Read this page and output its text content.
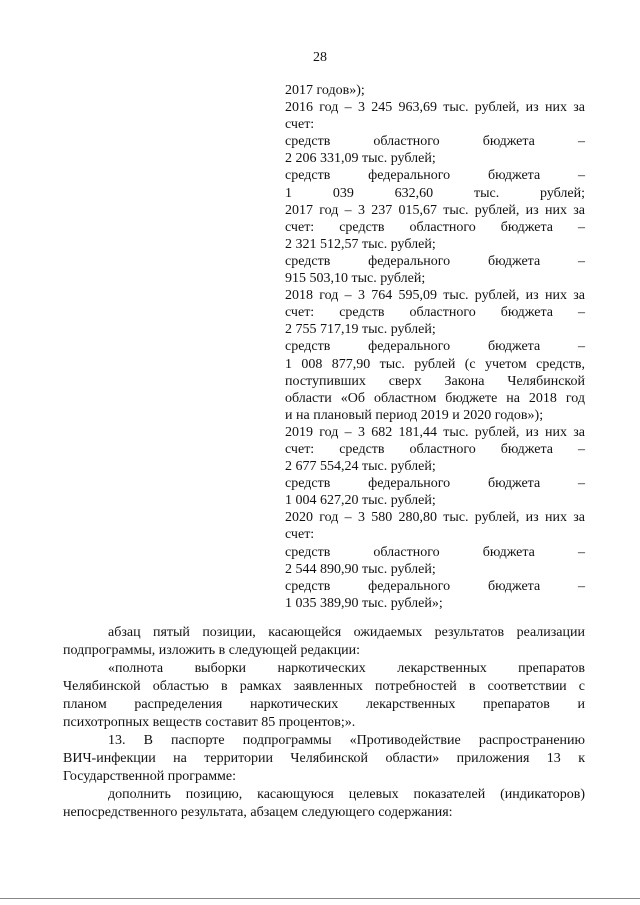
28
2017 годов»);
2016 год – 3 245 963,69 тыс. рублей, из них за
счет:
средств областного бюджета –
2 206 331,09 тыс. рублей;
средств федерального бюджета –
1 039 632,60 тыс. рублей;
2017 год – 3 237 015,67 тыс. рублей, из них за
счет: средств областного бюджета –
2 321 512,57 тыс. рублей;
средств федерального бюджета –
915 503,10 тыс. рублей;
2018 год – 3 764 595,09 тыс. рублей, из них за
счет: средств областного бюджета –
2 755 717,19 тыс. рублей;
средств федерального бюджета –
1 008 877,90 тыс. рублей (с учетом средств,
поступивших сверх Закона Челябинской
области «Об областном бюджете на 2018 год
и на плановый период 2019 и 2020 годов»);
2019 год – 3 682 181,44 тыс. рублей, из них за
счет: средств областного бюджета –
2 677 554,24 тыс. рублей;
средств федерального бюджета –
1 004 627,20 тыс. рублей;
2020 год – 3 580 280,80 тыс. рублей, из них за
счет:
средств областного бюджета –
2 544 890,90 тыс. рублей;
средств федерального бюджета –
1 035 389,90 тыс. рублей»;
абзац пятый позиции, касающейся ожидаемых результатов реализации
подпрограммы, изложить в следующей редакции:
«полнота выборки наркотических лекарственных препаратов
Челябинской областью в рамках заявленных потребностей в соответствии с
планом распределения наркотических лекарственных препаратов и
психотропных веществ составит 85 процентов;».
13. В паспорте подпрограммы «Противодействие распространению
ВИЧ-инфекции на территории Челябинской области» приложения 13 к
Государственной программе:
дополнить позицию, касающуюся целевых показателей (индикаторов)
непосредственного результата, абзацем следующего содержания:
